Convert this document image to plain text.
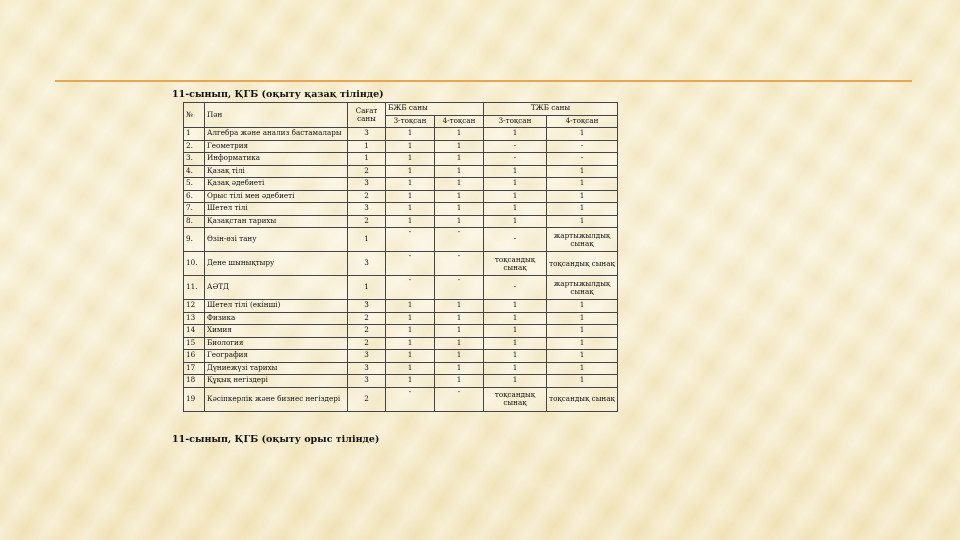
11-сынып, ҚГБ (оқыту қазақ тілінде)
№	Пән	Сағат саны	БЖБ саны		ТЖБ саны	
			3-тоқсан	4-тоқсан	3-тоқсан	4-тоқсан
1	Алгебра және анализ бастамалары	3	1	1	1	1
2.	Геометрия	1	1	1	-	-
3.	Информатика	1	1	1	-	-
4.	Қазақ тілі	2	1	1	1	1
5.	Қазақ әдебиеті	3	1	1	1	1
6.	Орыс тілі мен әдебиеті	2	1	1	1	1
7.	Шетел тілі	3	1	1	1	1
8.	Қазақстан тарихы	2	1	1	1	1
9.	Өзін-өзі тану	1	-	-	-	жартыжылдық сынақ
10.	Дене шынықтыру	3	-	-	тоқсандық сынақ	тоқсандық сынақ
11.	АӘТД	1	-	-	-	жартыжылдық сынақ
12	Шетел тілі (екінші)	3	1	1	1	1
13	Физика	2	1	1	1	1
14	Химия	2	1	1	1	1
15	Биология	2	1	1	1	1
16	География	3	1	1	1	1
17	Дүниежүзі тарихы	3	1	1	1	1
18	Құқық негіздері	3	1	1	1	1
19	Кәсіпкерлік және бизнес негіздері	2	-	-	тоқсандық сынақ	тоқсандық сынақ
11-сынып, ҚГБ (оқыту орыс тілінде)
